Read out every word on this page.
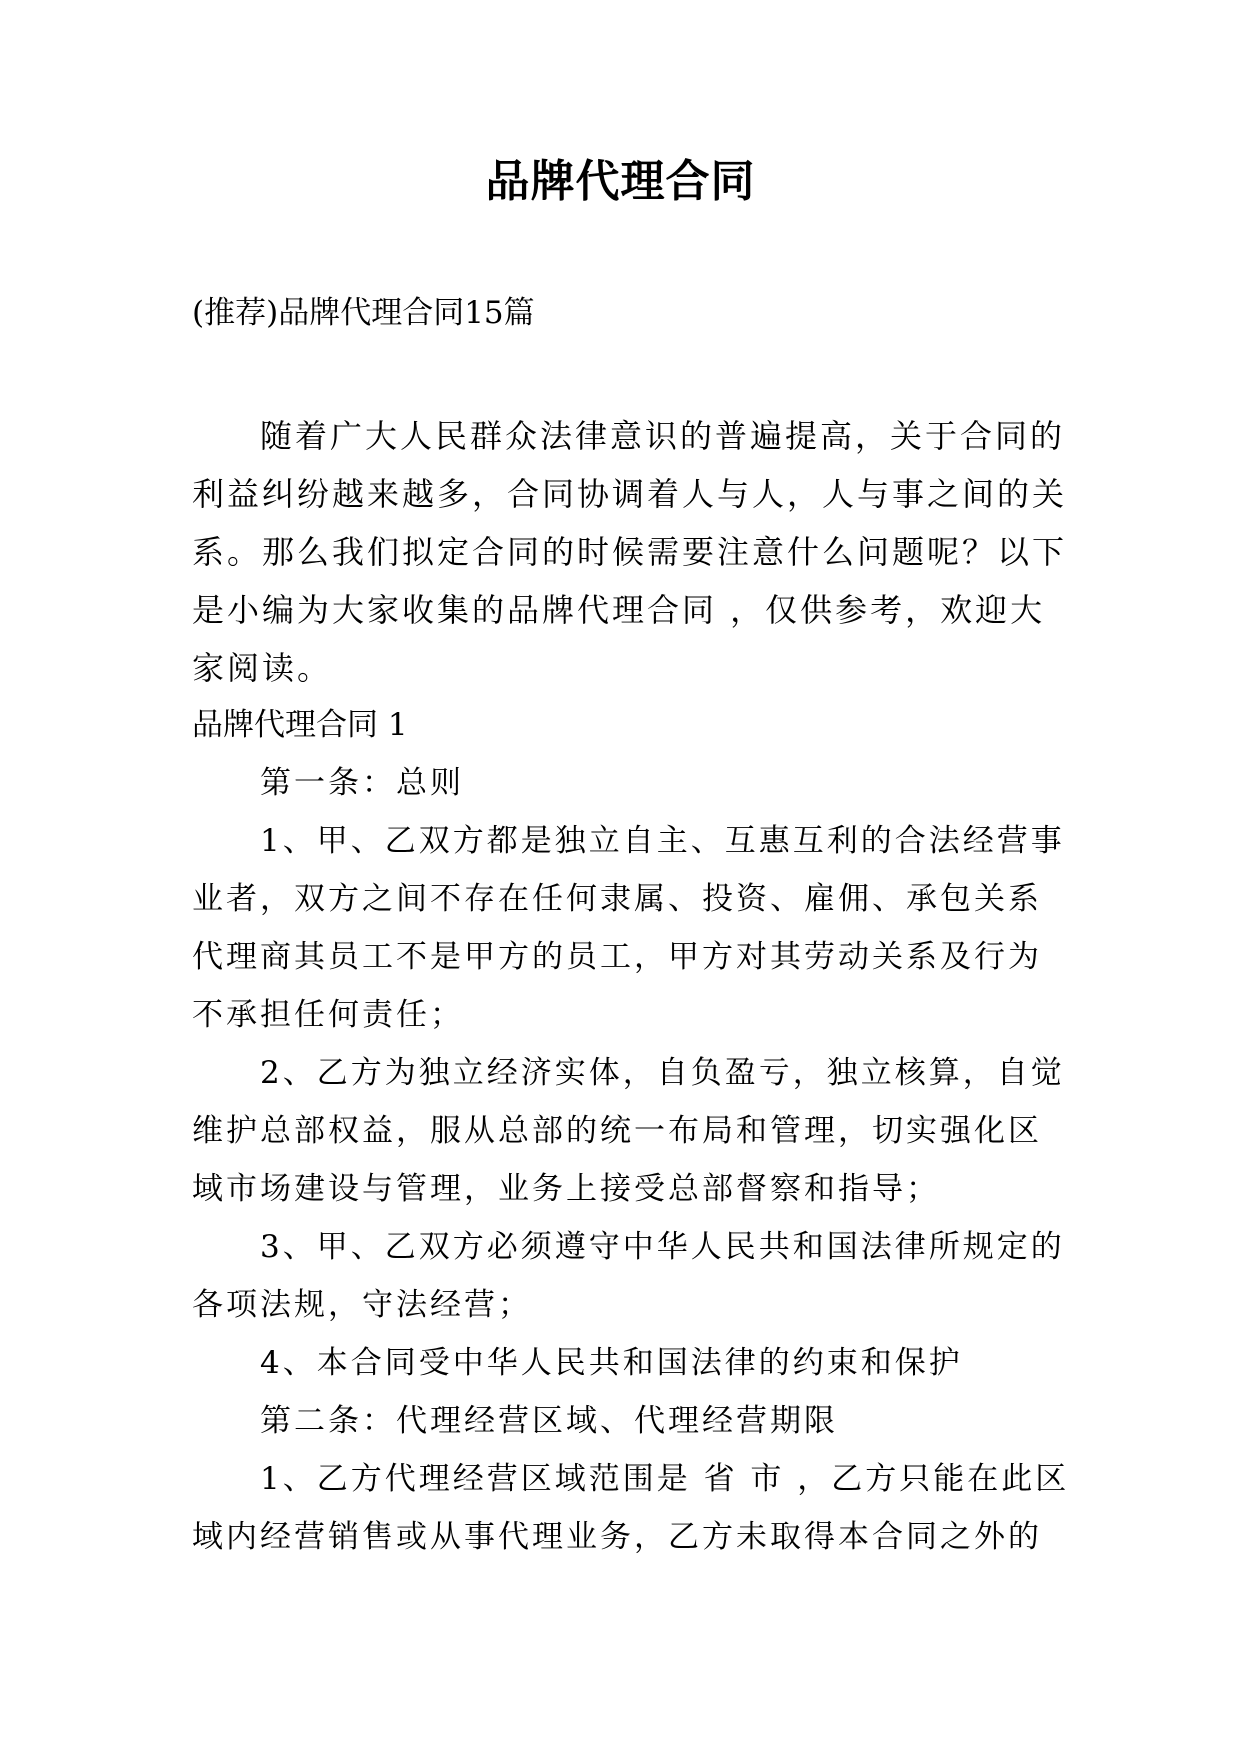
品牌代理合同
(推荐)品牌代理合同15篇
随着广大人民群众法律意识的普遍提高，关于合同的利益纠纷越来越多，合同协调着人与人，人与事之间的关系。那么我们拟定合同的时候需要注意什么问题呢？以下是小编为大家收集的品牌代理合同 ，仅供参考，欢迎大家阅读。
品牌代理合同 1

第一条：总则

1、甲、乙双方都是独立自主、互惠互利的合法经营事业者，双方之间不存在任何隶属、投资、雇佣、承包关系代理商其员工不是甲方的员工，甲方对其劳动关系及行为不承担任何责任；

2、乙方为独立经济实体，自负盈亏，独立核算，自觉维护总部权益，服从总部的统一布局和管理，切实强化区域市场建设与管理，业务上接受总部督察和指导；

3、甲、乙双方必须遵守中华人民共和国法律所规定的各项法规，守法经营；

4、本合同受中华人民共和国法律的约束和保护

第二条：代理经营区域、代理经营期限

1、乙方代理经营区域范围是 省 市 ，乙方只能在此区域内经营销售或从事代理业务，乙方未取得本合同之外的
